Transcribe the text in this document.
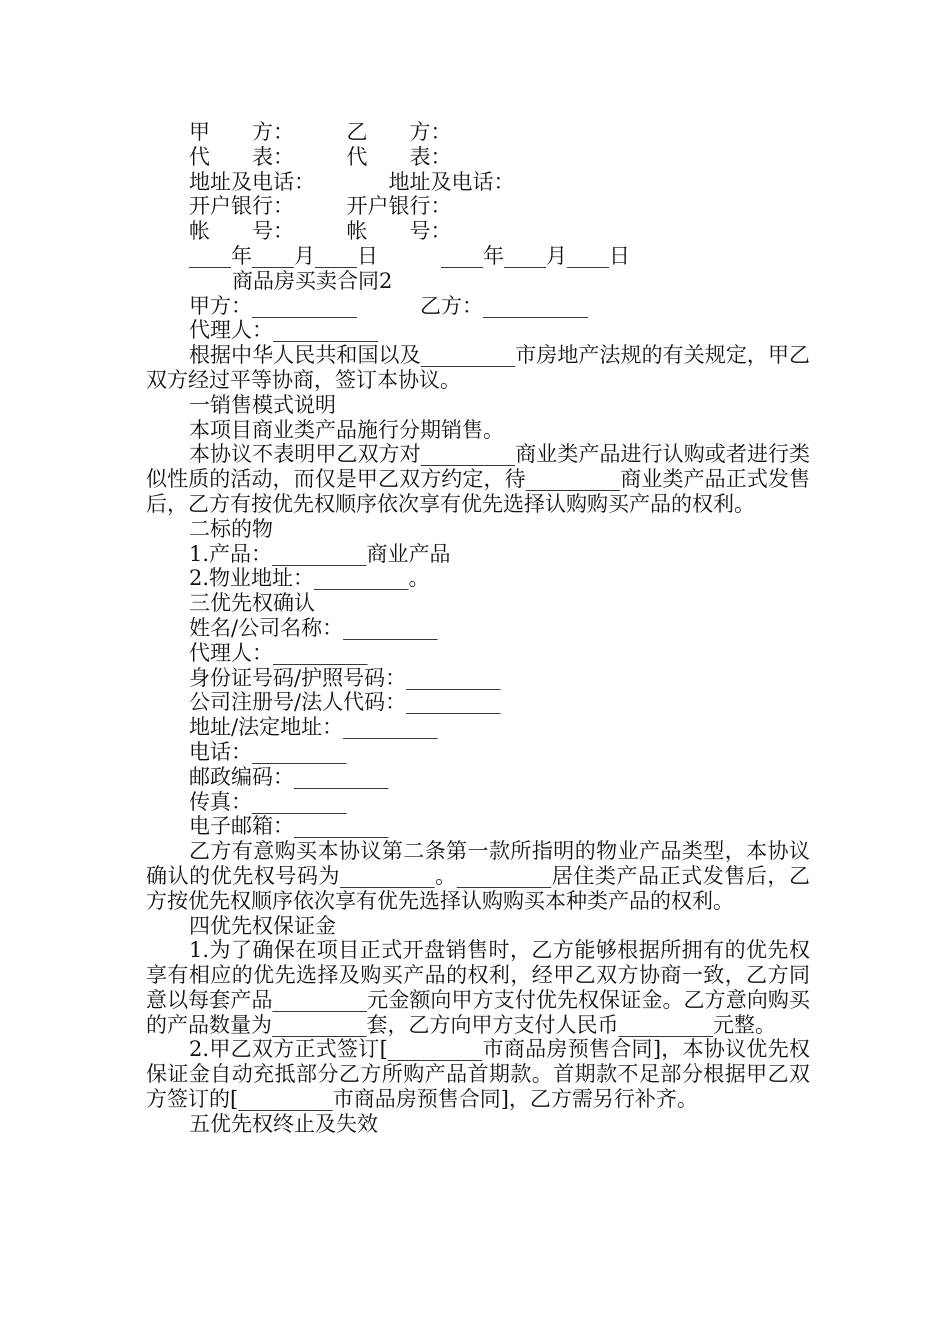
甲　　方：　　　乙　　方：
代　　表：　　　代　　表：
地址及电话：　　　　地址及电话：
开户银行：　　　开户银行：
帐　　号：　　　帐　　号：
____年____月____日　　　____年____月____日
商品房买卖合同2
甲方：__________　　　乙方：__________
代理人：__________
根据中华人民共和国以及_________市房地产法规的有关规定，甲乙双方经过平等协商，签订本协议。
一销售模式说明
本项目商业类产品施行分期销售。
本协议不表明甲乙双方对_________商业类产品进行认购或者进行类似性质的活动，而仅是甲乙双方约定，待_________商业类产品正式发售后，乙方有按优先权顺序依次享有优先选择认购购买产品的权利。
二标的物
1.产品：_________商业产品
2.物业地址：_________。
三优先权确认
姓名/公司名称：_________
代理人：_________
身份证号码/护照号码：_________
公司注册号/法人代码：_________
地址/法定地址：_________
电话：_________
邮政编码：_________
传真：_________
电子邮箱：_________
乙方有意购买本协议第二条第一款所指明的物业产品类型，本协议确认的优先权号码为_________。_________居住类产品正式发售后，乙方按优先权顺序依次享有优先选择认购购买本种类产品的权利。
四优先权保证金
1.为了确保在项目正式开盘销售时，乙方能够根据所拥有的优先权享有相应的优先选择及购买产品的权利，经甲乙双方协商一致，乙方同意以每套产品_________元金额向甲方支付优先权保证金。乙方意向购买的产品数量为_________套，乙方向甲方支付人民币_________元整。
2.甲乙双方正式签订[_________市商品房预售合同]，本协议优先权保证金自动充抵部分乙方所购产品首期款。首期款不足部分根据甲乙双方签订的[_________市商品房预售合同]，乙方需另行补齐。
五优先权终止及失效
